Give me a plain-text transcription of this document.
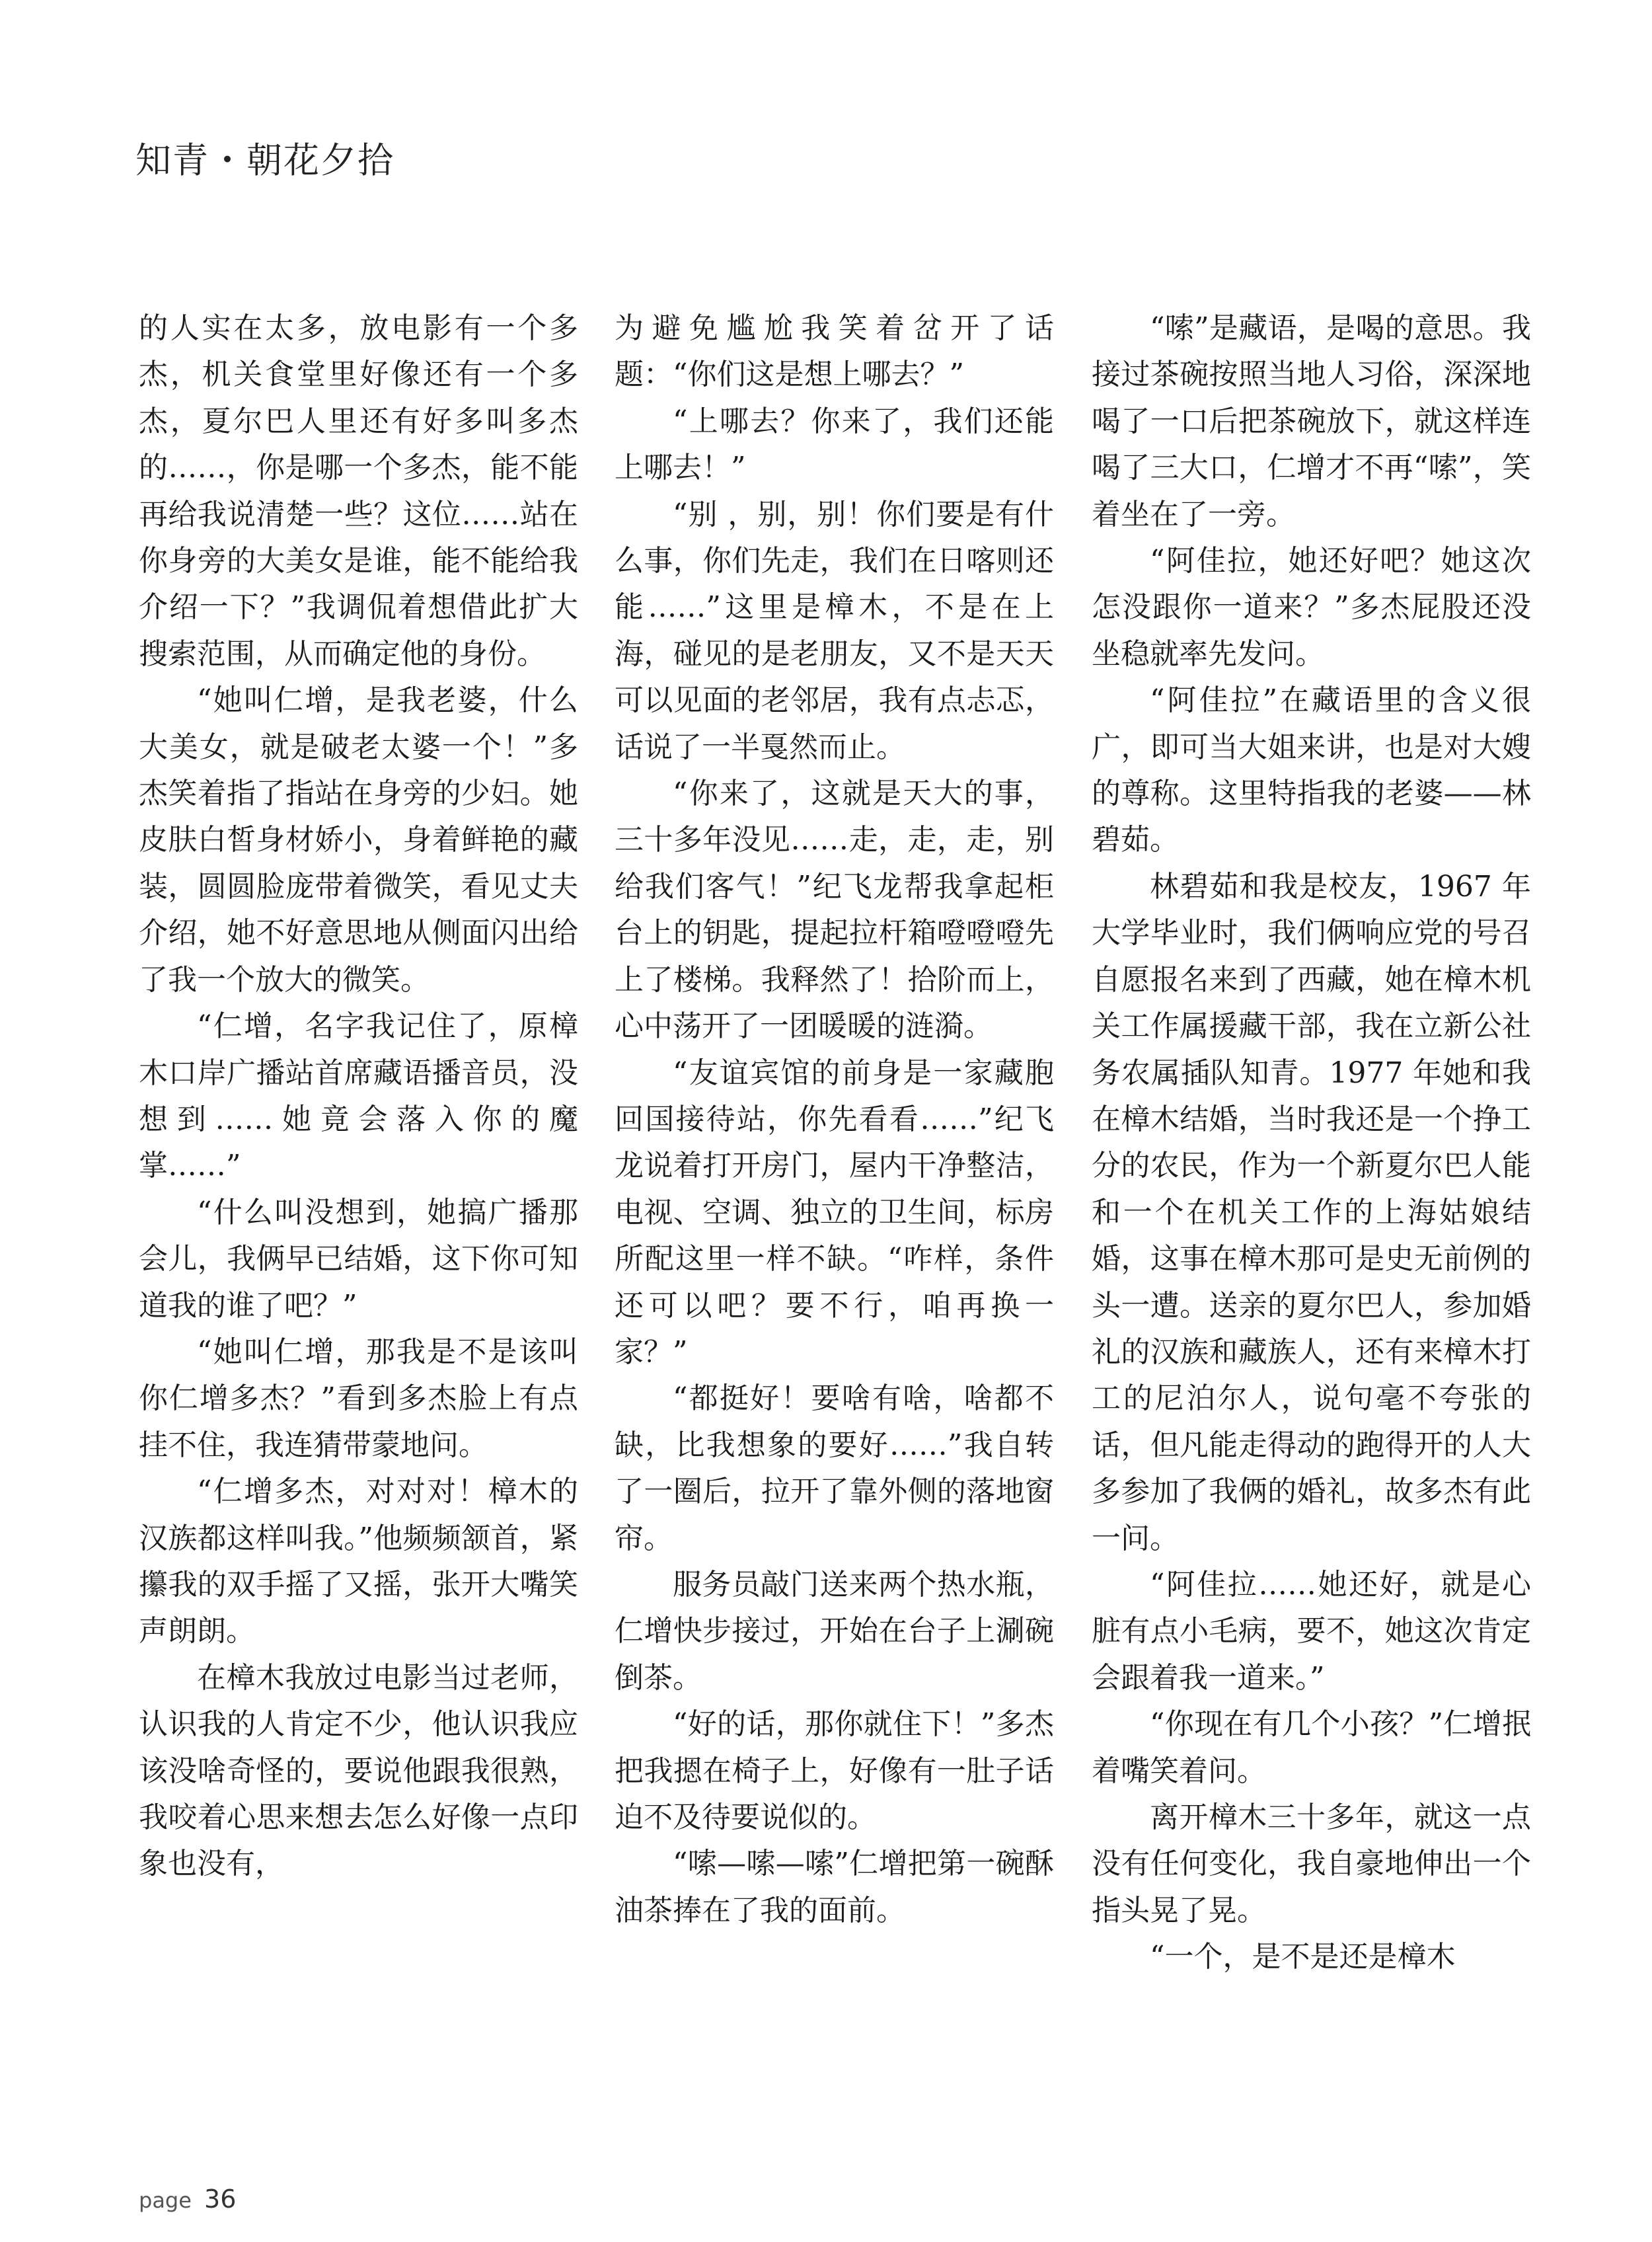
知青・朝花夕拾

的人实在太多，放电影有一个多杰，机关食堂里好像还有一个多杰，夏尔巴人里还有好多叫多杰的……，你是哪一个多杰，能不能再给我说清楚一些？这位……站在你身旁的大美女是谁，能不能给我介绍一下？”我调侃着想借此扩大搜索范围，从而确定他的身份。

“她叫仁增，是我老婆，什么大美女，就是破老太婆一个！”多杰笑着指了指站在身旁的少妇。她皮肤白皙身材娇小，身着鲜艳的藏装，圆圆脸庞带着微笑，看见丈夫介绍，她不好意思地从侧面闪出给了我一个放大的微笑。

“仁增，名字我记住了，原樟木口岸广播站首席藏语播音员，没想到……她竟会落入你的魔掌……”

“什么叫没想到，她搞广播那会儿，我俩早已结婚，这下你可知道我的谁了吧？”

“她叫仁增，那我是不是该叫你仁增多杰？”看到多杰脸上有点挂不住，我连猜带蒙地问。

“仁增多杰，对对对！樟木的汉族都这样叫我。”他频频颔首，紧攥我的双手摇了又摇，张开大嘴笑声朗朗。

在樟木我放过电影当过老师，认识我的人肯定不少，他认识我应该没啥奇怪的，要说他跟我很熟，我咬着心思来想去怎么好像一点印象也没有，

为避免尴尬我笑着岔开了话题：“你们这是想上哪去？”

“上哪去？你来了，我们还能上哪去！”

“别 ，别，别！你们要是有什么事，你们先走，我们在日喀则还能……”这里是樟木，不是在上海，碰见的是老朋友，又不是天天可以见面的老邻居，我有点忐忑，话说了一半戛然而止。

“你来了，这就是天大的事，三十多年没见……走，走，走，别给我们客气！”纪飞龙帮我拿起柜台上的钥匙，提起拉杆箱噔噔噔先上了楼梯。我释然了！拾阶而上，心中荡开了一团暖暖的涟漪。

“友谊宾馆的前身是一家藏胞回国接待站，你先看看……”纪飞龙说着打开房门，屋内干净整洁，电视、空调、独立的卫生间，标房所配这里一样不缺。“咋样，条件还可以吧？要不行，咱再换一家？”

“都挺好！要啥有啥，啥都不缺，比我想象的要好……”我自转了一圈后，拉开了靠外侧的落地窗帘。

服务员敲门送来两个热水瓶，仁增快步接过，开始在台子上涮碗倒茶。

“好的话，那你就住下！”多杰把我摁在椅子上，好像有一肚子话迫不及待要说似的。

“嗦—嗦—嗦”仁增把第一碗酥油茶捧在了我的面前。

“嗦”是藏语，是喝的意思。我接过茶碗按照当地人习俗，深深地喝了一口后把茶碗放下，就这样连喝了三大口，仁增才不再“嗦”，笑着坐在了一旁。

“阿佳拉，她还好吧？她这次怎没跟你一道来？”多杰屁股还没坐稳就率先发问。

“阿佳拉”在藏语里的含义很广，即可当大姐来讲，也是对大嫂的尊称。这里特指我的老婆——林碧茹。

林碧茹和我是校友，1967 年大学毕业时，我们俩响应党的号召自愿报名来到了西藏，她在樟木机关工作属援藏干部，我在立新公社务农属插队知青。1977 年她和我在樟木结婚，当时我还是一个挣工分的农民，作为一个新夏尔巴人能和一个在机关工作的上海姑娘结婚，这事在樟木那可是史无前例的头一遭。送亲的夏尔巴人，参加婚礼的汉族和藏族人，还有来樟木打工的尼泊尔人，说句毫不夸张的话，但凡能走得动的跑得开的人大多参加了我俩的婚礼，故多杰有此一问。

“阿佳拉……她还好，就是心脏有点小毛病，要不，她这次肯定会跟着我一道来。”

“你现在有几个小孩？”仁增抿着嘴笑着问。

离开樟木三十多年，就这一点没有任何变化，我自豪地伸出一个指头晃了晃。

“一个，是不是还是樟木

page 36
